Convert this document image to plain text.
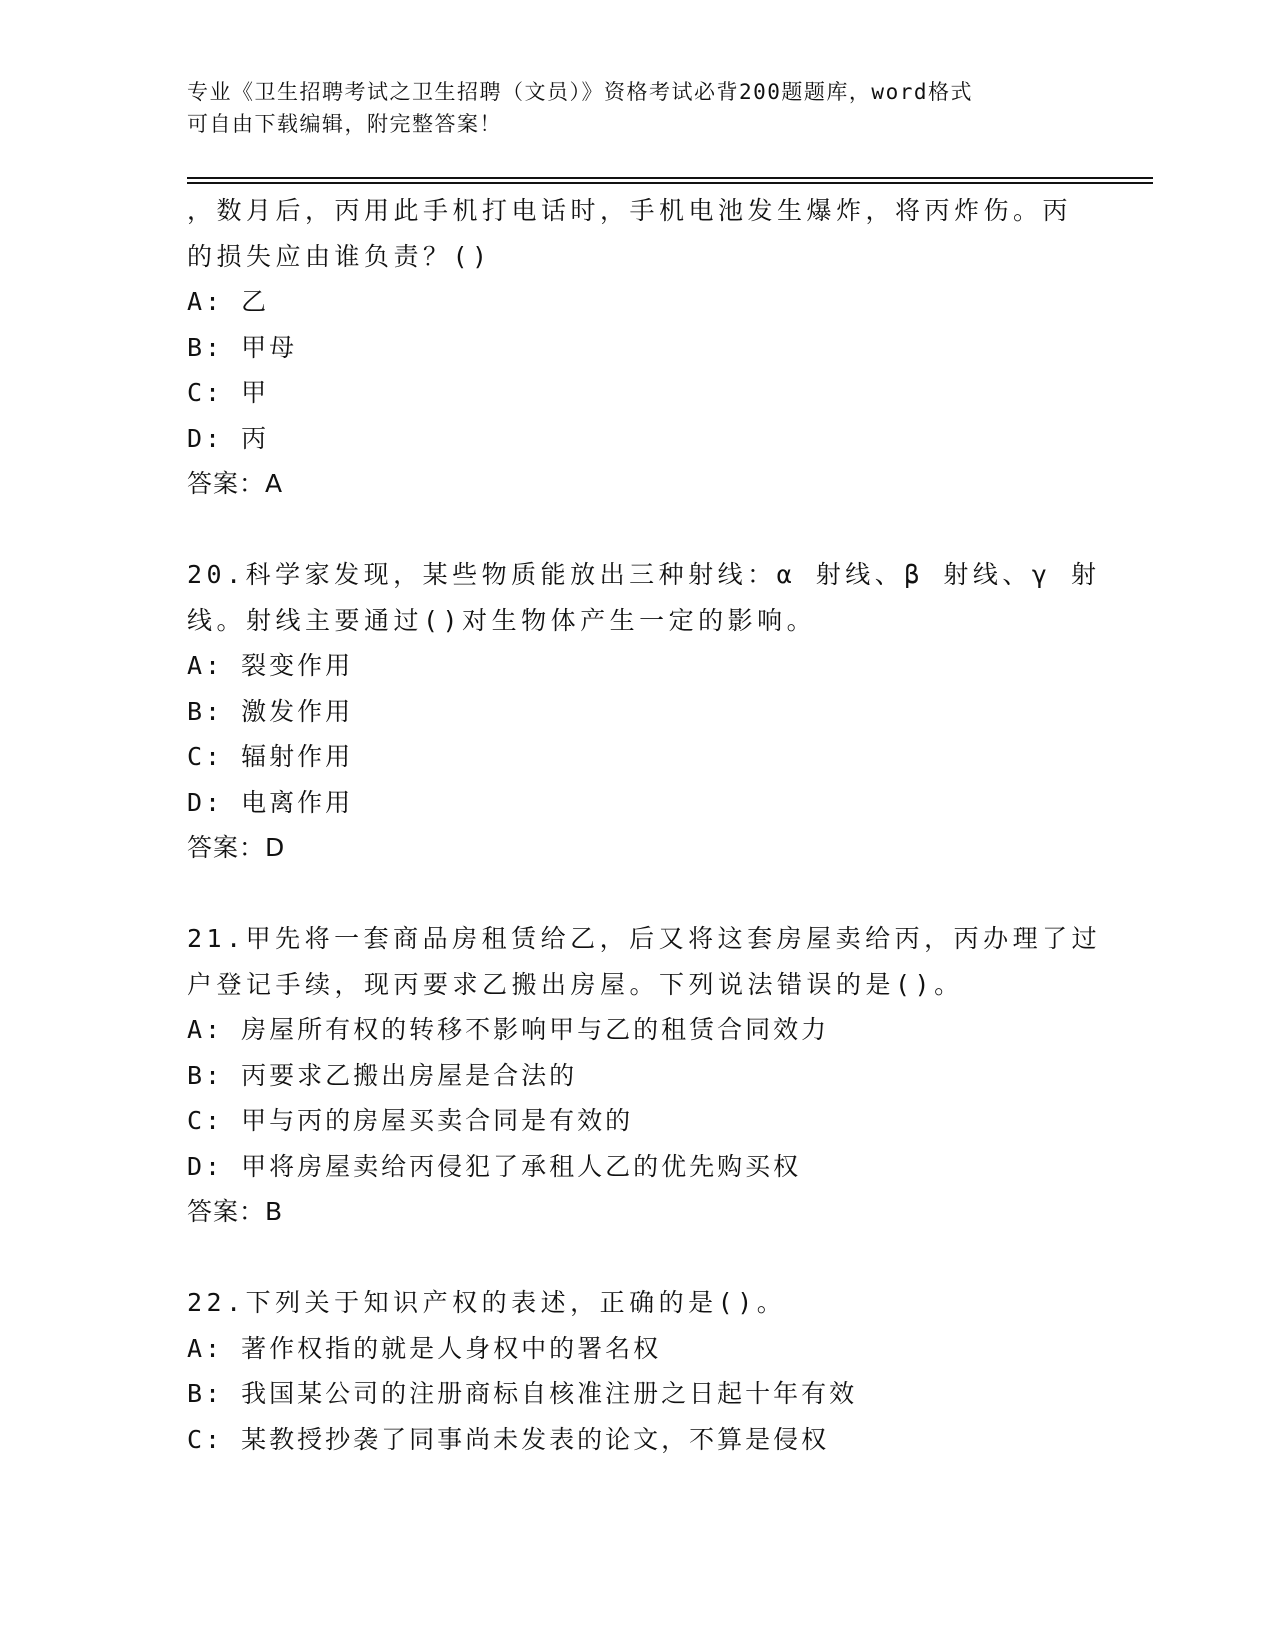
专业《卫生招聘考试之卫生招聘（文员）》资格考试必背200题题库，word格式
可自由下载编辑，附完整答案！
，数月后，丙用此手机打电话时，手机电池发生爆炸，将丙炸伤。丙
的损失应由谁负责？()
A: 乙
B: 甲母
C: 甲
D: 丙
答案：A
20.科学家发现，某些物质能放出三种射线：α 射线、β 射线、γ 射
线。射线主要通过()对生物体产生一定的影响。
A: 裂变作用
B: 激发作用
C: 辐射作用
D: 电离作用
答案：D
21.甲先将一套商品房租赁给乙，后又将这套房屋卖给丙，丙办理了过
户登记手续，现丙要求乙搬出房屋。下列说法错误的是()。
A: 房屋所有权的转移不影响甲与乙的租赁合同效力
B: 丙要求乙搬出房屋是合法的
C: 甲与丙的房屋买卖合同是有效的
D: 甲将房屋卖给丙侵犯了承租人乙的优先购买权
答案：B
22.下列关于知识产权的表述，正确的是()。
A: 著作权指的就是人身权中的署名权
B: 我国某公司的注册商标自核准注册之日起十年有效
C: 某教授抄袭了同事尚未发表的论文，不算是侵权
